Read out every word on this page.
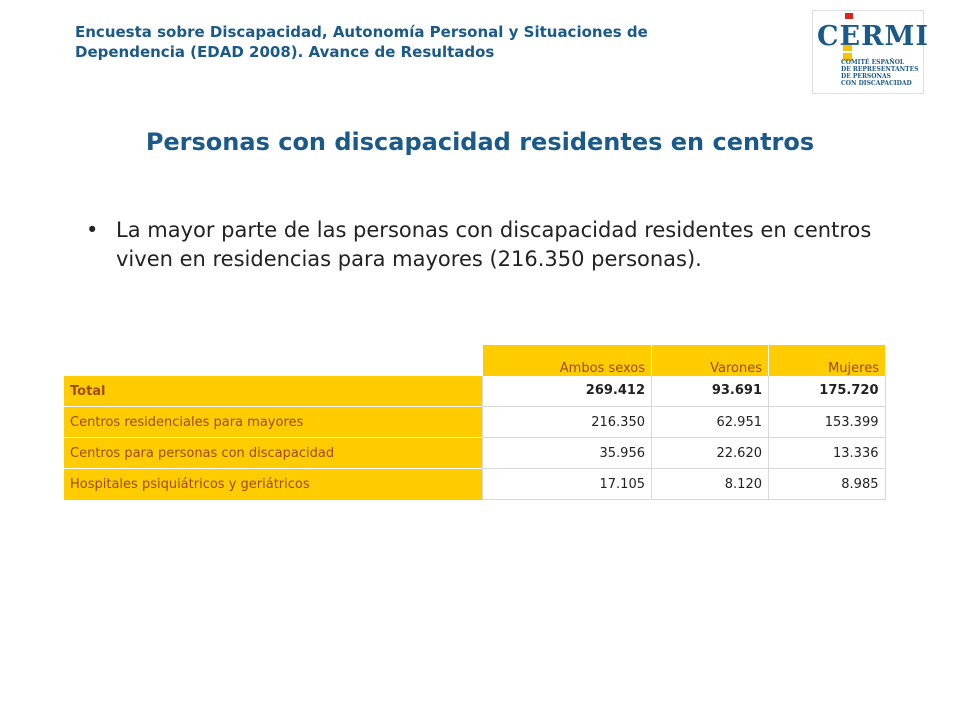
Encuesta sobre Discapacidad, Autonomía Personal y Situaciones de
Dependencia (EDAD 2008). Avance de Resultados	CERMI
COMITÉ ESPAÑOL
DE REPRESENTANTES
DE PERSONAS
CON DISCAPACIDAD
Personas con discapacidad residentes en centros
• La mayor parte de las personas con discapacidad residentes en centros viven en residencias para mayores (216.350 personas).
	Ambos sexos	Varones	Mujeres
Total	269.412	93.691	175.720
Centros residenciales para mayores	216.350	62.951	153.399
Centros para personas con discapacidad	35.956	22.620	13.336
Hospitales psiquiátricos y geriátricos	17.105	8.120	8.985
